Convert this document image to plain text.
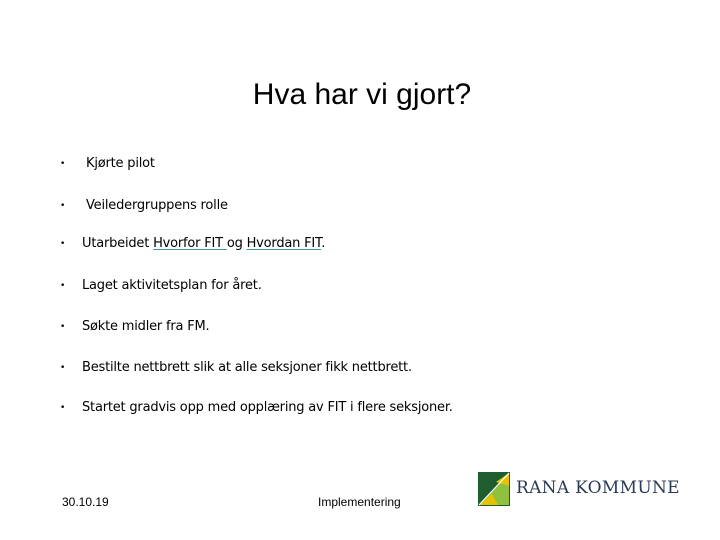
Hva har vi gjort?
• Kjørte pilot
• Veiledergruppens rolle
• Utarbeidet Hvorfor FIT og Hvordan FIT.
• Laget aktivitetsplan for året.
• Søkte midler fra FM.
• Bestilte nettbrett slik at alle seksjoner fikk nettbrett.
• Startet gradvis opp med opplæring av FIT i flere seksjoner.
30.10.19	Implementering
RANA KOMMUNE
